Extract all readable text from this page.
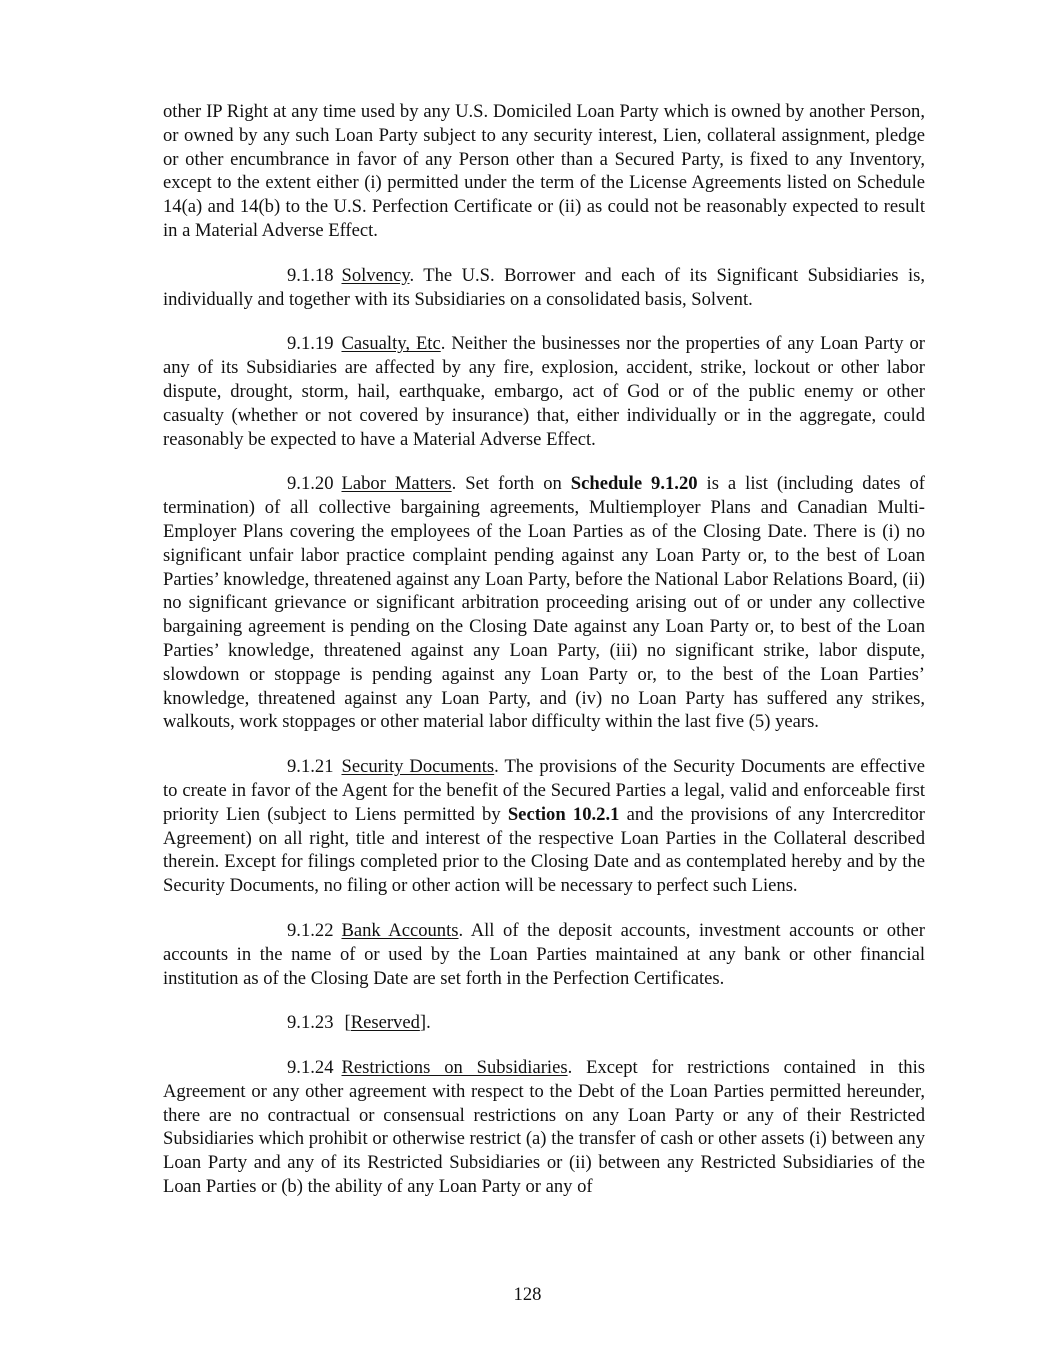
other IP Right at any time used by any U.S. Domiciled Loan Party which is owned by another Person, or owned by any such Loan Party subject to any security interest, Lien, collateral assignment, pledge or other encumbrance in favor of any Person other than a Secured Party, is fixed to any Inventory, except to the extent either (i) permitted under the term of the License Agreements listed on Schedule 14(a) and 14(b) to the U.S. Perfection Certificate or (ii) as could not be reasonably expected to result in a Material Adverse Effect.

9.1.18 Solvency. The U.S. Borrower and each of its Significant Subsidiaries is, individually and together with its Subsidiaries on a consolidated basis, Solvent.

9.1.19 Casualty, Etc. Neither the businesses nor the properties of any Loan Party or any of its Subsidiaries are affected by any fire, explosion, accident, strike, lockout or other labor dispute, drought, storm, hail, earthquake, embargo, act of God or of the public enemy or other casualty (whether or not covered by insurance) that, either individually or in the aggregate, could reasonably be expected to have a Material Adverse Effect.

9.1.20 Labor Matters. Set forth on Schedule 9.1.20 is a list (including dates of termination) of all collective bargaining agreements, Multiemployer Plans and Canadian Multi-Employer Plans covering the employees of the Loan Parties as of the Closing Date. There is (i) no significant unfair labor practice complaint pending against any Loan Party or, to the best of Loan Parties’ knowledge, threatened against any Loan Party, before the National Labor Relations Board, (ii) no significant grievance or significant arbitration proceeding arising out of or under any collective bargaining agreement is pending on the Closing Date against any Loan Party or, to best of the Loan Parties’ knowledge, threatened against any Loan Party, (iii) no significant strike, labor dispute, slowdown or stoppage is pending against any Loan Party or, to the best of the Loan Parties’ knowledge, threatened against any Loan Party, and (iv) no Loan Party has suffered any strikes, walkouts, work stoppages or other material labor difficulty within the last five (5) years.

9.1.21 Security Documents. The provisions of the Security Documents are effective to create in favor of the Agent for the benefit of the Secured Parties a legal, valid and enforceable first priority Lien (subject to Liens permitted by Section 10.2.1 and the provisions of any Intercreditor Agreement) on all right, title and interest of the respective Loan Parties in the Collateral described therein. Except for filings completed prior to the Closing Date and as contemplated hereby and by the Security Documents, no filing or other action will be necessary to perfect such Liens.

9.1.22 Bank Accounts. All of the deposit accounts, investment accounts or other accounts in the name of or used by the Loan Parties maintained at any bank or other financial institution as of the Closing Date are set forth in the Perfection Certificates.

9.1.23 [Reserved].

9.1.24 Restrictions on Subsidiaries. Except for restrictions contained in this Agreement or any other agreement with respect to the Debt of the Loan Parties permitted hereunder, there are no contractual or consensual restrictions on any Loan Party or any of their Restricted Subsidiaries which prohibit or otherwise restrict (a) the transfer of cash or other assets (i) between any Loan Party and any of its Restricted Subsidiaries or (ii) between any Restricted Subsidiaries of the Loan Parties or (b) the ability of any Loan Party or any of

128
